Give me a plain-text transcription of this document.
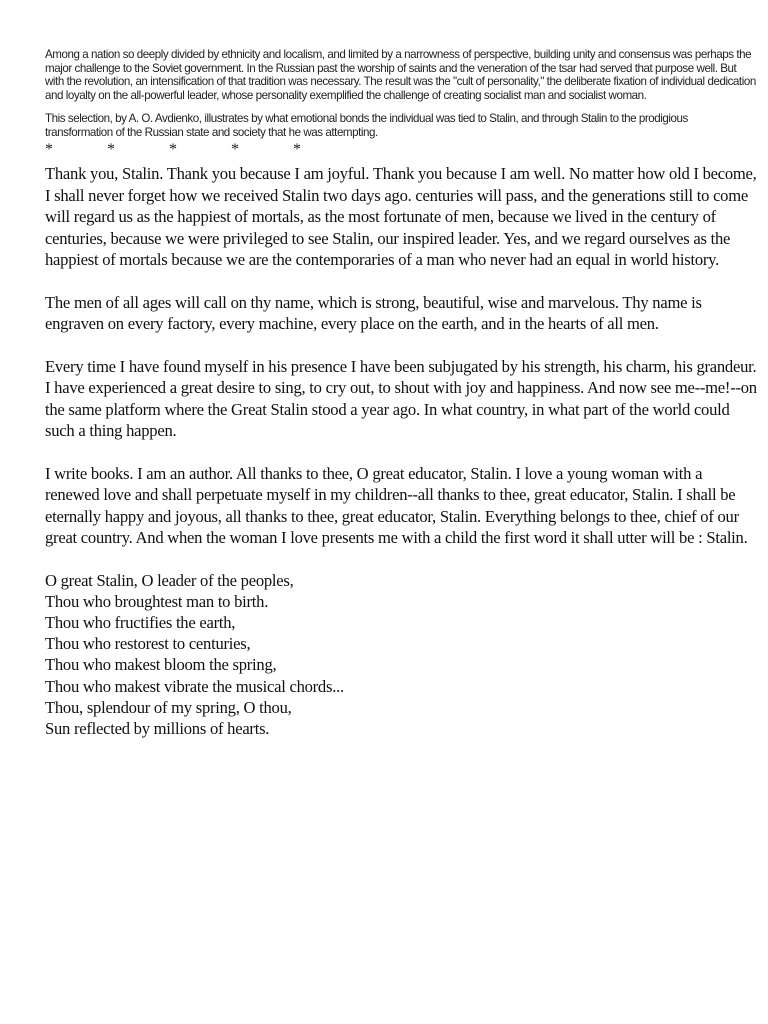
Among a nation so deeply divided by ethnicity and localism, and limited by a narrowness of perspective, building unity and consensus was perhaps the major challenge to the Soviet government. In the Russian past the worship of saints and the veneration of the tsar had served that purpose well. But with the revolution, an intensification of that tradition was necessary. The result was the "cult of personality," the deliberate fixation of individual dedication and loyalty on the all-powerful leader, whose personality exemplified the challenge of creating socialist man and socialist woman.

This selection, by A. O. Avdienko, illustrates by what emotional bonds the individual was tied to Stalin, and through Stalin to the prodigious transformation of the Russian state and society that he was attempting.

*	*	*	*	*

Thank you, Stalin. Thank you because I am joyful. Thank you because I am well. No matter how old I become, I shall never forget how we received Stalin two days ago. centuries will pass, and the generations still to come will regard us as the happiest of mortals, as the most fortunate of men, because we lived in the century of centuries, because we were privileged to see Stalin, our inspired leader. Yes, and we regard ourselves as the happiest of mortals because we are the contemporaries of a man who never had an equal in world history.

The men of all ages will call on thy name, which is strong, beautiful, wise and marvelous. Thy name is engraven on every factory, every machine, every place on the earth, and in the hearts of all men.

Every time I have found myself in his presence I have been subjugated by his strength, his charm, his grandeur. I have experienced a great desire to sing, to cry out, to shout with joy and happiness. And now see me--me!--on the same platform where the Great Stalin stood a year ago. In what country, in what part of the world could such a thing happen.

I write books. I am an author. All thanks to thee, O great educator, Stalin. I love a young woman with a renewed love and shall perpetuate myself in my children--all thanks to thee, great educator, Stalin. I shall be eternally happy and joyous, all thanks to thee, great educator, Stalin. Everything belongs to thee, chief of our great country. And when the woman I love presents me with a child the first word it shall utter will be : Stalin.

O great Stalin, O leader of the peoples,
Thou who broughtest man to birth.
Thou who fructifies the earth,
Thou who restorest to centuries,
Thou who makest bloom the spring,
Thou who makest vibrate the musical chords...
Thou, splendour of my spring, O thou,
Sun reflected by millions of hearts.
